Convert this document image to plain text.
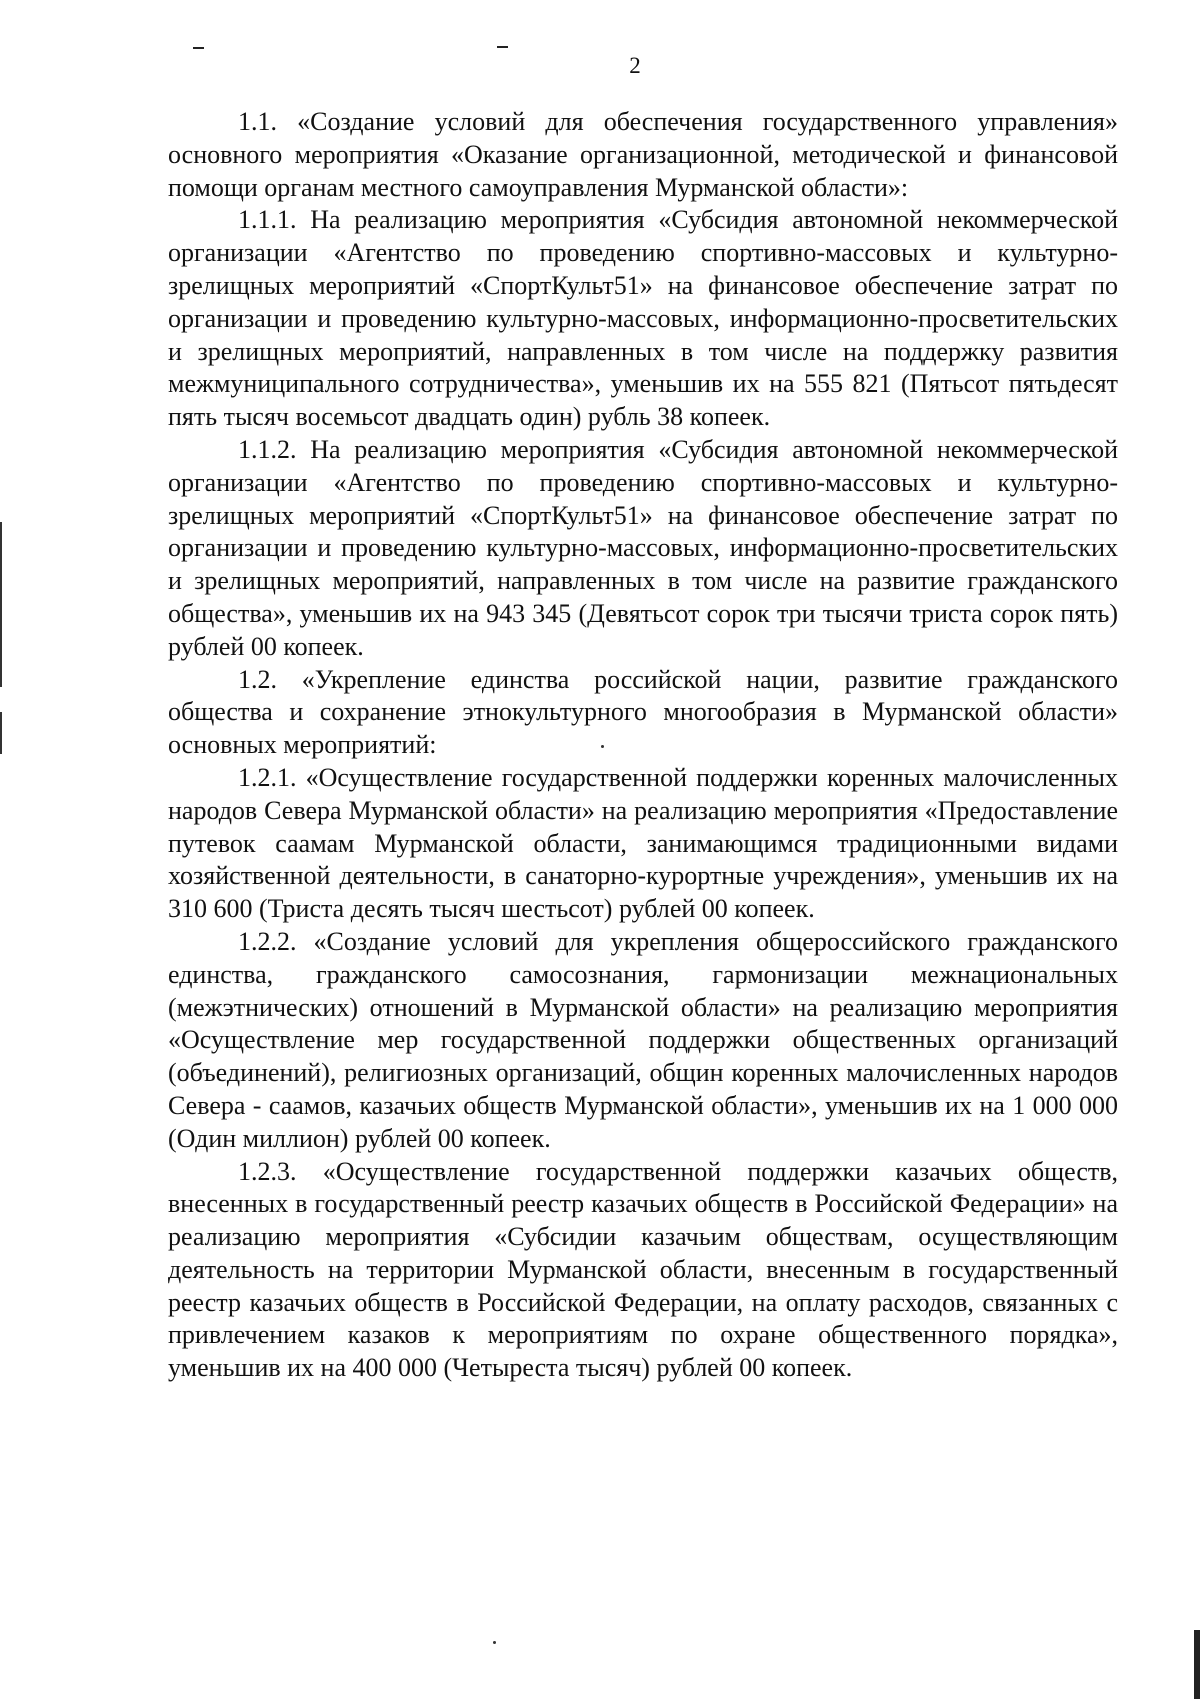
2

1.1. «Создание условий для обеспечения государственного управления» основного мероприятия «Оказание организационной, методической и финансовой помощи органам местного самоуправления Мурманской области»:

1.1.1. На реализацию мероприятия «Субсидия автономной некоммерческой организации «Агентство по проведению спортивно-массовых и культурно-зрелищных мероприятий «СпортКульт51» на финансовое обеспечение затрат по организации и проведению культурно-массовых, информационно-просветительских и зрелищных мероприятий, направленных в том числе на поддержку развития межмуниципального сотрудничества», уменьшив их на 555 821 (Пятьсот пятьдесят пять тысяч восемьсот двадцать один) рубль 38 копеек.

1.1.2. На реализацию мероприятия «Субсидия автономной некоммерческой организации «Агентство по проведению спортивно-массовых и культурно-зрелищных мероприятий «СпортКульт51» на финансовое обеспечение затрат по организации и проведению культурно-массовых, информационно-просветительских и зрелищных мероприятий, направленных в том числе на развитие гражданского общества», уменьшив их на 943 345 (Девятьсот сорок три тысячи триста сорок пять) рублей 00 копеек.

1.2. «Укрепление единства российской нации, развитие гражданского общества и сохранение этнокультурного многообразия в Мурманской области» основных мероприятий:

1.2.1. «Осуществление государственной поддержки коренных малочисленных народов Севера Мурманской области» на реализацию мероприятия «Предоставление путевок саамам Мурманской области, занимающимся традиционными видами хозяйственной деятельности, в санаторно-курортные учреждения», уменьшив их на 310 600 (Триста десять тысяч шестьсот) рублей 00 копеек.

1.2.2. «Создание условий для укрепления общероссийского гражданского единства, гражданского самосознания, гармонизации межнациональных (межэтнических) отношений в Мурманской области» на реализацию мероприятия «Осуществление мер государственной поддержки общественных организаций (объединений), религиозных организаций, общин коренных малочисленных народов Севера - саамов, казачьих обществ Мурманской области», уменьшив их на 1 000 000 (Один миллион) рублей 00 копеек.

1.2.3. «Осуществление государственной поддержки казачьих обществ, внесенных в государственный реестр казачьих обществ в Российской Федерации» на реализацию мероприятия «Субсидии казачьим обществам, осуществляющим деятельность на территории Мурманской области, внесенным в государственный реестр казачьих обществ в Российской Федерации, на оплату расходов, связанных с привлечением казаков к мероприятиям по охране общественного порядка», уменьшив их на 400 000 (Четыреста тысяч) рублей 00 копеек.
